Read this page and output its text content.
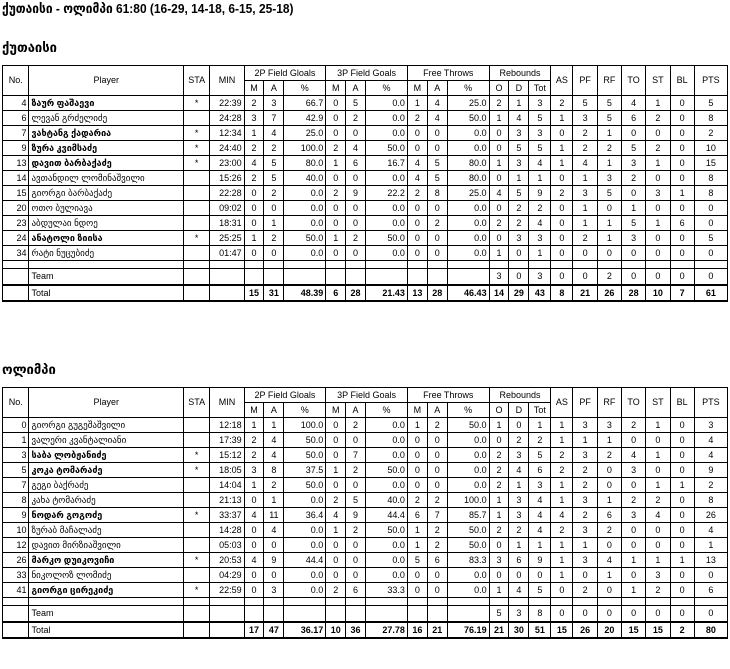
ქუთაისი - ოლიმპი 61:80 (16-29, 14-18, 6-15, 25-18)
ქუთაისი
No.	Player	STA	MIN	2P Field Gloals			3P Field Goals			Free Throws			Rebounds			AS	PF	RF	TO	ST	BL	PTS
				M	A	%	M	A	%	M	A	%	O	D	Tot							
4	ზაურ ფაშაევი	*	22:39	2	3	66.7	0	5	0.0	1	4	25.0	2	1	3	2	5	5	4	1	0	5
6	ლევან გრძელიძე		24:28	3	7	42.9	0	2	0.0	2	4	50.0	1	4	5	1	3	5	6	2	0	8
7	ვახტანგ ქადარია	*	12:34	1	4	25.0	0	0	0.0	0	0	0.0	0	3	3	0	2	1	0	0	0	2
9	ზურა კვიმსაძე	*	24:40	2	2	100.0	2	4	50.0	0	0	0.0	0	5	5	1	2	2	5	2	0	10
13	დავით ბარბაქაძე	*	23:00	4	5	80.0	1	6	16.7	4	5	80.0	1	3	4	1	4	1	3	1	0	15
14	ავთანდილ ლომინაშვილი		15:26	2	5	40.0	0	0	0.0	4	5	80.0	0	1	1	0	1	3	2	0	0	8
15	გიორგი ბარბაქაძე		22:28	0	2	0.0	2	9	22.2	2	8	25.0	4	5	9	2	3	5	0	3	1	8
20	ოთო ბულიავა		09:02	0	0	0.0	0	0	0.0	0	0	0.0	0	2	2	0	1	0	1	0	0	0
23	აბდულაი ნდოე		18:31	0	1	0.0	0	0	0.0	0	2	0.0	2	2	4	0	1	1	5	1	6	0
24	ანატოლი ზიისა	*	25:25	1	2	50.0	1	2	50.0	0	0	0.0	0	3	3	0	2	1	3	0	0	5
34	რატი ნუცუბიძე		01:47	0	0	0.0	0	0	0.0	0	0	0.0	1	0	1	0	0	0	0	0	0	0

	Team												3	0	3	0	0	2	0	0	0	0
	Total			15	31	48.39	6	28	21.43	13	28	46.43	14	29	43	8	21	26	28	10	7	61
ოლიმპი
No.	Player	STA	MIN	2P Field Gloals			3P Field Goals			Free Throws			Rebounds			AS	PF	RF	TO	ST	BL	PTS
				M	A	%	M	A	%	M	A	%	O	D	Tot							
0	გიორგი გუგეშაშვილი		12:18	1	1	100.0	0	2	0.0	1	2	50.0	1	0	1	1	3	3	2	1	0	3
1	ვალერი კვანტალიანი		17:39	2	4	50.0	0	0	0.0	0	0	0.0	0	2	2	1	1	1	0	0	0	4
3	საბა ლობჟანიძე	*	15:12	2	4	50.0	0	7	0.0	0	0	0.0	2	3	5	2	3	2	4	1	0	4
5	კოკა ტომარაძე	*	18:05	3	8	37.5	1	2	50.0	0	0	0.0	2	4	6	2	2	0	3	0	0	9
7	გეგი ბაქრაძე		14:04	1	2	50.0	0	0	0.0	0	0	0.0	2	1	3	1	2	0	0	1	1	2
8	კახა ტომარაძე		21:13	0	1	0.0	2	5	40.0	2	2	100.0	1	3	4	1	3	1	2	2	0	8
9	ნოდარ გოგოძე	*	33:37	4	11	36.4	4	9	44.4	6	7	85.7	1	3	4	4	2	6	3	4	0	26
10	ზურაბ მაჩალაძე		14:28	0	4	0.0	1	2	50.0	1	2	50.0	2	2	4	2	3	2	0	0	0	4
12	დავით მირზიაშვილი		05:03	0	0	0.0	0	0	0.0	1	2	50.0	0	1	1	1	1	0	0	0	0	1
26	მარკო დუიკოვიჩი	*	20:53	4	9	44.4	0	0	0.0	5	6	83.3	3	6	9	1	3	4	1	1	1	13
33	ნიკოლოზ ლომიძე		04:29	0	0	0.0	0	0	0.0	0	0	0.0	0	0	0	1	0	1	0	3	0	0
41	გიორგი ცირეკიძე	*	22:59	0	3	0.0	2	6	33.3	0	0	0.0	1	4	5	0	2	0	1	2	0	6

	Team												5	3	8	0	0	0	0	0	0	0
	Total			17	47	36.17	10	36	27.78	16	21	76.19	21	30	51	15	26	20	15	15	2	80
